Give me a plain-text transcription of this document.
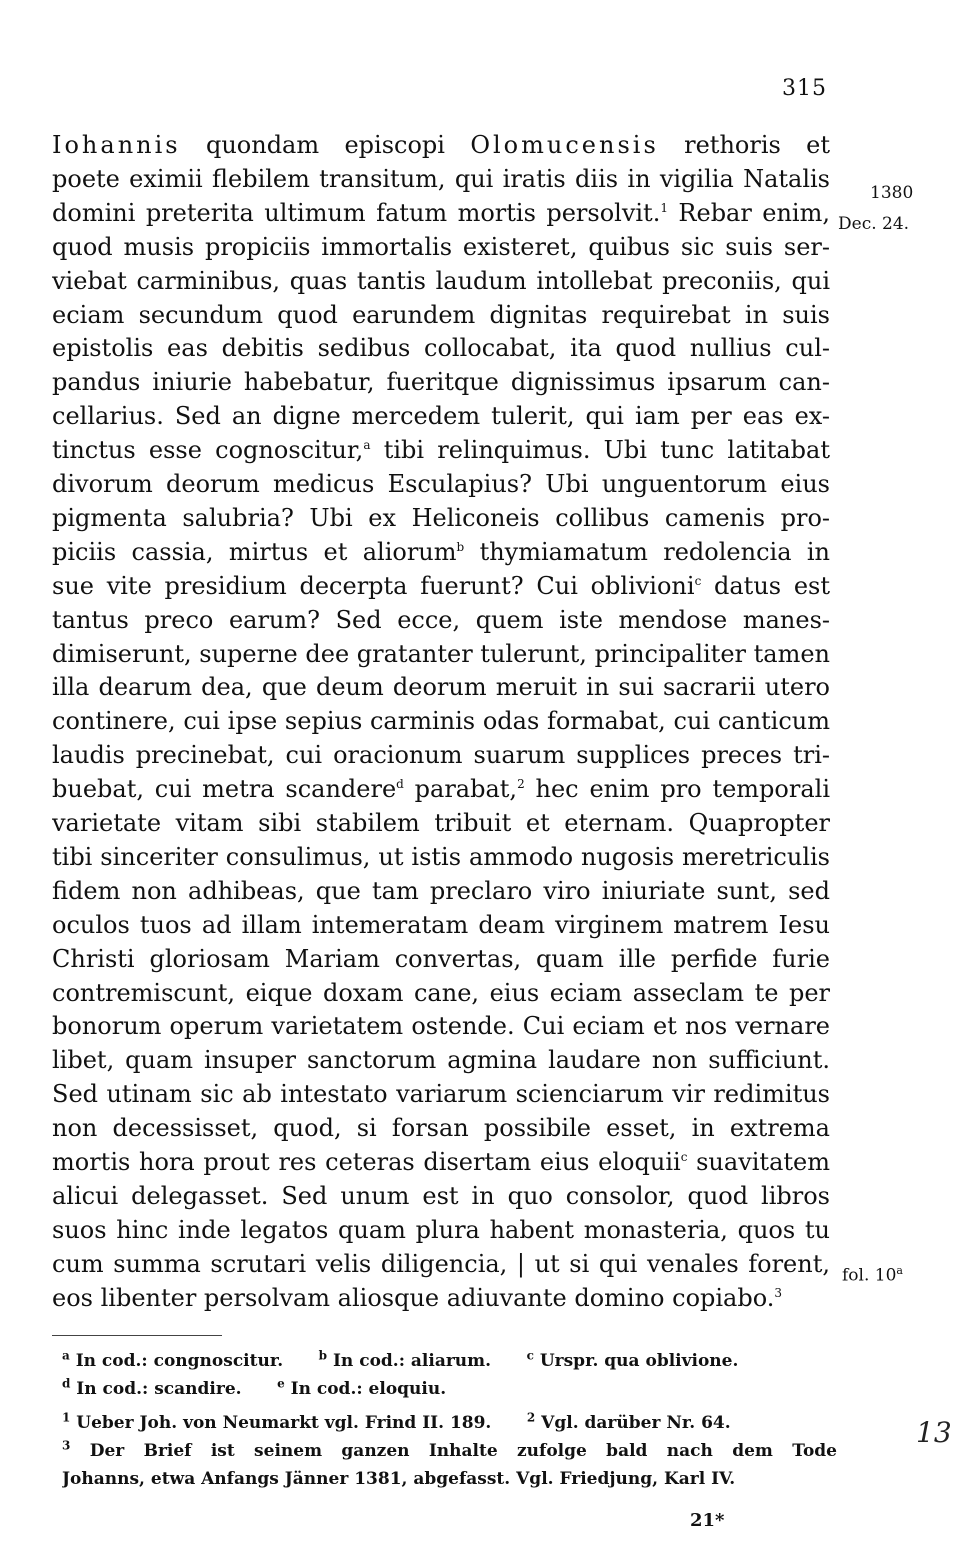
315
Iohannis quondam episcopi Olomucensis rethoris et
poete eximii flebilem transitum, qui iratis diis in vigilia Natalis
domini preterita ultimum fatum mortis persolvit.$^1$ Rebar enim,
quod musis propiciis immortalis existeret, quibus sic suis ser-
viebat carminibus, quas tantis laudum intollebat preconiis, qui
eciam secundum quod earundem dignitas requirebat in suis
epistolis eas debitis sedibus collocabat, ita quod nullius cul-
pandus iniurie habebatur, fueritque dignissimus ipsarum can-
cellarius. Sed an digne mercedem tulerit, qui iam per eas ex-
tinctus esse cognoscitur,$^a$ tibi relinquimus. Ubi tunc latitabat
divorum deorum medicus Esculapius? Ubi unguentorum eius
pigmenta salubria? Ubi ex Heliconeis collibus camenis pro-
piciis cassia, mirtus et aliorum$^b$ thymiamatum redolencia in
sue vite presidium decerpta fuerunt? Cui oblivioni$^c$ datus est
tantus preco earum? Sed ecce, quem iste mendose manes-
dimiserunt, superne dee gratanter tulerunt, principaliter tamen
illa dearum dea, que deum deorum meruit in sui sacrarii utero
continere, cui ipse sepius carminis odas formabat, cui canticum
laudis precinebat, cui oracionum suarum supplices preces tri-
buebat, cui metra scandere$^d$ parabat,$^2$ hec enim pro temporali
varietate vitam sibi stabilem tribuit et eternam. Quapropter
tibi sinceriter consulimus, ut istis ammodo nugosis meretriculis
fidem non adhibeas, que tam preclaro viro iniuriate sunt, sed
oculos tuos ad illam intemeratam deam virginem matrem Iesu
Christi gloriosam Mariam convertas, quam ille perfide furie
contremiscunt, eique doxam cane, eius eciam asseclam te per
bonorum operum varietatem ostende. Cui eciam et nos vernare
libet, quam insuper sanctorum agmina laudare non sufficiunt.
Sed utinam sic ab intestato variarum scienciarum vir redimitus
non decessisset, quod, si forsan possibile esset, in extrema
mortis hora prout res ceteras disertam eius eloquii$^c$ suavitatem
alicui delegasset. Sed unum est in quo consolor, quod libros
suos hinc inde legatos quam plura habent monasteria, quos tu
cum summa scrutari velis diligencia, | ut si qui venales forent,
eos libenter persolvam aliosque adiuvante domino copiabo.$^3$
1380
Dec. 24.
fol. 10$^a$
$^a$ In cod.: congnoscitur.      $^b$ In cod.: aliarum.      $^c$ Urspr. qua oblivione.
$^d$ In cod.: scandire.      $^e$ In cod.: eloquiu.
$^1$ Ueber Joh. von Neumarkt vgl. Frind II. 189.      $^2$ Vgl. darüber Nr. 64.
$^3$ Der Brief ist seinem ganzen Inhalte zufolge bald nach dem Tode
Johanns, etwa Anfangs Jänner 1381, abgefasst. Vgl. Friedjung, Karl IV.
21*
13
